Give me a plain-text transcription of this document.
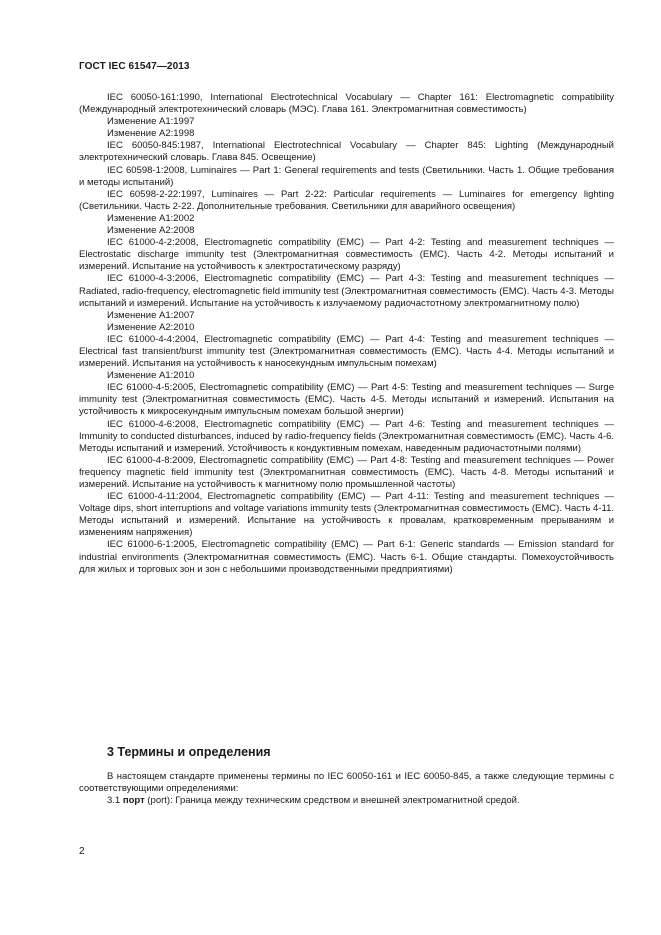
ГОСТ IEC 61547—2013
IEC 60050-161:1990, International Electrotechnical Vocabulary — Chapter 161: Electromagnetic compatibility (Международный электротехнический словарь (МЭС). Глава 161. Электромагнитная совместимость)
Изменение А1:1997
Изменение А2:1998
IEC 60050-845:1987, International Electrotechnical Vocabulary — Chapter 845: Lighting (Международный электротехнический словарь. Глава 845. Освещение)
IEC 60598-1:2008, Luminaires — Part 1: General requirements and tests (Светильники. Часть 1. Общие требования и методы испытаний)
IEC 60598-2-22:1997, Luminaires — Part 2-22: Particular requirements — Luminaires for emergency lighting (Светильники. Часть 2-22. Дополнительные требования. Светильники для аварийного освещения)
Изменение А1:2002
Изменение А2:2008
IEC 61000-4-2:2008, Electromagnetic compatibility (EMC) — Part 4-2: Testing and measurement techniques — Electrostatic discharge immunity test (Электромагнитная совместимость (ЕМС). Часть 4-2. Методы испытаний и измерений. Испытание на устойчивость к электростатическому разряду)
IEC 61000-4-3:2006, Electromagnetic compatibility (EMC) — Part 4-3: Testing and measurement techniques — Radiated, radio-frequency, electromagnetic field immunity test (Электромагнитная совместимость (ЕМС). Часть 4-3. Методы испытаний и измерений. Испытание на устойчивость к излучаемому радиочастотному электромагнитному полю)
Изменение А1:2007
Изменение А2:2010
IEC 61000-4-4:2004, Electromagnetic compatibility (EMC) — Part 4-4: Testing and measurement techniques — Electrical fast transient/burst immunity test (Электромагнитная совместимость (ЕМС). Часть 4-4. Методы испытаний и измерений. Испытания на устойчивость к наносекундным импульсным помехам)
Изменение А1:2010
IEC 61000-4-5:2005, Electromagnetic compatibility (EMC) — Part 4-5: Testing and measurement techniques — Surge immunity test (Электромагнитная совместимость (ЕМС). Часть 4-5. Методы испытаний и измерений. Испытания на устойчивость к микросекундным импульсным помехам большой энергии)
IEC 61000-4-6:2008, Electromagnetic compatibility (EMC) — Part 4-6: Testing and measurement techniques — Immunity to conducted disturbances, induced by radio-frequency fields (Электромагнитная совместимость (ЕМС). Часть 4-6. Методы испытаний и измерений. Устойчивость к кондуктивным помехам, наведенным радиочастотными полями)
IEC 61000-4-8:2009, Electromagnetic compatibility (EMC) — Part 4-8: Testing and measurement techniques — Power frequency magnetic field immunity test (Электромагнитная совместимость (ЕМС). Часть 4-8. Методы испытаний и измерений. Испытание на устойчивость к магнитному полю промышленной частоты)
IEC 61000-4-11:2004, Electromagnetic compatibility (EMC) — Part 4-11: Testing and measurement techniques — Voltage dips, short interruptions and voltage variations immunity tests (Электромагнитная совместимость (ЕМС). Часть 4-11. Методы испытаний и измерений. Испытание на устойчивость к провалам, кратковременным прерываниям и изменениям напряжения)
IEC 61000-6-1:2005, Electromagnetic compatibility (EMC) — Part 6-1: Generic standards — Emission standard for industrial environments (Электромагнитная совместимость (ЕМС). Часть 6-1. Общие стандарты. Помехоустойчивость для жилых и торговых зон и зон с небольшими производственными предприятиями)
3 Термины и определения
В настоящем стандарте применены термины по IEC 60050-161 и IEC 60050-845, а также следующие термины с соответствующими определениями:
3.1 порт (port): Граница между техническим средством и внешней электромагнитной средой.
2
